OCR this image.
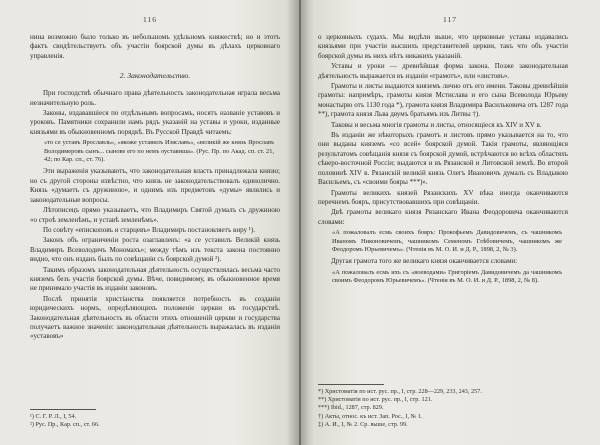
116

нина возможно было только въ небольшомъ удѣльномъ княжествѣ; но и этотъ фактъ свидѣтельствуетъ объ участіи боярской думы въ дѣлахъ церковнаго управленія.

2. Законодательство.

При господствѣ обычнаго права дѣятельность законодательная играла весьма незначительную роль.

Законы, издававшіеся по отдѣльнымъ вопросамъ, носятъ названіе уставовъ и уроковъ. Памятники сохранили намъ рядъ указаній на уставы и уроки, изданные князьями въ обыкновенномъ порядкѣ. Въ Русской Правдѣ читаемъ:

«то се уставъ Ярославль», «якоже уставилъ Изяславъ», «великій же князь Ярославъ Володимеровъ сынъ... сынове его по немъ оуставиша». (Рус. Пр. по Акад. сп. ст. 21, 42; по Кар. сп., ст. 76).

Эти выраженія указываютъ, что законодательная власть принадлежала князю; но съ другой стороны извѣстно, что князь не законодательствовалъ единолично. Князь «думаетъ съ дружиною», и однимъ изъ предметовъ «думы» являлись и законодательные вопросы.

Лѣтописецъ прямо указываетъ, что Владимиръ Святой думалъ съ дружиною «о строѣ земленѣмъ, и уставѣ земленѣмъ».

По совѣту «епископовъ и старцевъ» Владимиръ постановляетъ виру ¹).

Законъ объ ограниченіи роста озаглавленъ: «а се уставилъ Великій князь Владимиръ Всеволодичъ Мономахъ»; между тѣмъ изъ текста закона постоянно видно, что онъ изданъ былъ по совѣщаніи съ боярской думой ²).

Такимъ образомъ законодательная дѣятельность осуществлялась весьма часто княземъ безъ участія боярской думы. Вѣче, повидимому, въ обыкновенное время не принимало участія въ изданіи законовъ.

Послѣ принятія христіанства появляется потребность въ созданіи юридическихъ нормъ, опредѣляющихъ положеніе церкви въ государствѣ. Законодательная дѣятельность въ области этихъ отношеній церкви и государства получаетъ важное значеніе: законодательная дѣятельность выражалась въ изданіи «уставовъ»

¹) С. Г. Р. Л., I, 54.
²) Рус. Пр., Кар. сп., ст. 66.
117

о церковныхъ судахъ. Мы видѣли выше, что церковные уставы издавались князьями при участіи высшихъ представителей церкви, такъ что объ участіи боярской думы въ нихъ нѣтъ никакихъ указаній.

Уставы и уроки — древнѣйшая форма закона. Позже законодательная дѣятельность выражается въ изданіи «грамотъ», или «листовъ».

Грамоты и листы выдаются княземъ лично отъ его имени. Таковы древнѣйшія грамоты: напримѣръ, грамоты князя Мстислава и его сына Всеволода Юрьеву монастырю отъ 1130 года *), грамота князя Владимира Васильковича отъ 1287 года **), грамота князя Льва двумъ братьямъ изъ Литвы †).

Таковы и весьма многія грамоты и листы, относящіеся къ XIV и XV в.

Въ изданіи же нѣкоторыхъ грамотъ и листовъ прямо указывается на то, что они выданы княземъ «со всей» боярской думой. Такія грамоты, являющіяся результатомъ совѣщанія князя съ боярской думой, встрѣчаются во всѣхъ областяхъ сѣверо-восточной Россіи; выдаются и въ Рязанской и Литовской землѣ. Во второй половинѣ XIV в. Рязанскій великій князь Олегъ Ивановичъ думалъ съ Владыкою Васильемъ, съ «своими бояры ***)».

Грамоты великихъ князей Рязанскихъ XV вѣка иногда оканчиваются перечнемъ бояръ, присутствовавшихъ при совѣщаніи.

Двѣ грамоты великаго князя Рязанскаго Ивана Феодоровича оканчиваются словами:

«А пожаловалъ есмь своихъ бояръ: Прокофьемъ Давидовичемъ, съ чашникомъ Иваномъ Никоновичемъ, чашникомъ Семеномъ Глѣбовичемъ, чашникомъ же Феодоромъ Юрьевичемъ». (Чтенія въ М. О. И. и Д. Р., 1898, 2, № 3).

Другая грамота того же великаго князя оканчивается словами:

«А пожаловалъ есмь ихъ съ «воеводами» Григоріемъ Давидовичемъ да чашникомъ своимъ Феодоромъ Юрьевичемъ». (Чтенія въ М. О. И. и Д. Р., 1898, 2, № 8).

*) Христоматія по ист. рус. пр., I, стр. 228—229, 233, 243, 257.
**) Христоматія по ист. рус. пр., I, стр. 121.
***) Ibid., 1287, стр. 829.
†) Акты, относ. къ ист. Зап. Рос., I, № 1.
‡) А. И., I, № 2. Ср. выше, стр. 99.
